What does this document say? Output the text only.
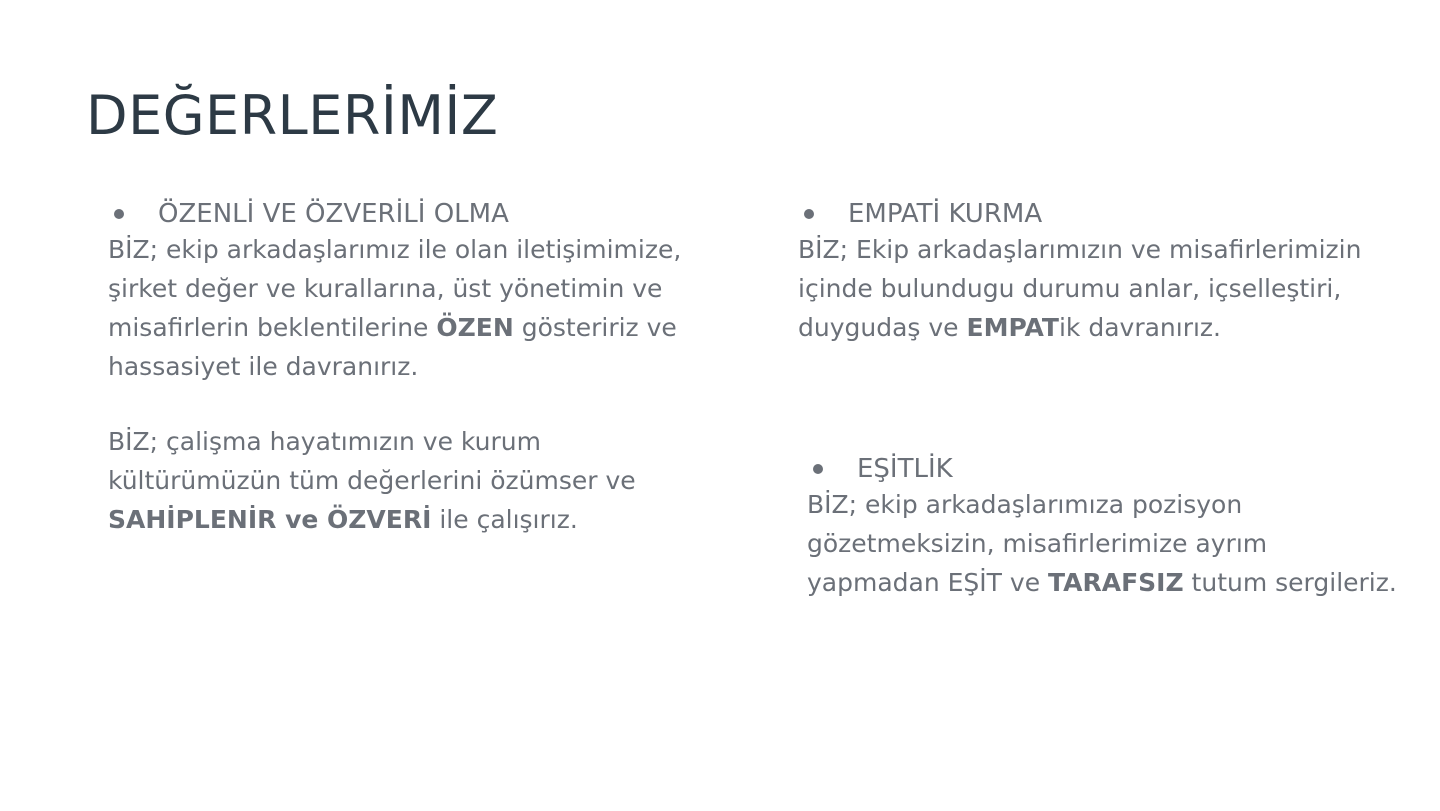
DEĞERLERİMİZ
ÖZENLİ VE ÖZVERİLİ OLMA

BİZ; ekip arkadaşlarımız ile olan iletişimimize, şirket değer ve kurallarına, üst yönetimin ve misafirlerin beklentilerine ÖZEN gösteririz ve hassasiyet ile davranırız.

BİZ; çalişma hayatımızın ve kurum kültürümüzün tüm değerlerini özümser ve SAHİPLENİR ve ÖZVERİ ile çalışırız.

EMPATİ KURMA

BİZ; Ekip arkadaşlarımızın ve misafirlerimizin içinde bulundugu durumu anlar, içselleştiri, duygudaş ve EMPATik davranırız.

EŞİTLİK

BİZ; ekip arkadaşlarımıza pozisyon gözetmeksizin, misafirlerimize ayrım yapmadan EŞİT ve TARAFSIZ tutum sergileriz.
